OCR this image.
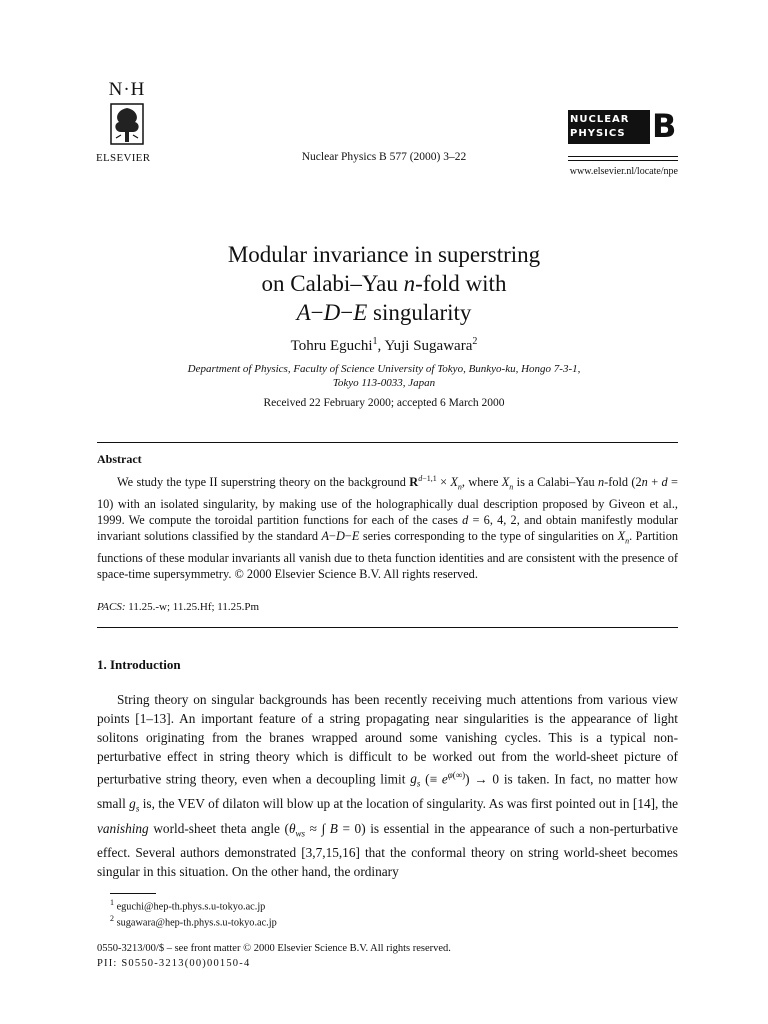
N·H
ELSEVIER	Nuclear Physics B 577 (2000) 3–22
NUCLEAR
PHYSICS B
www.elsevier.nl/locate/npe
Modular invariance in superstring
on Calabi–Yau n-fold with
A−D−E singularity
Tohru Eguchi$^1$, Yuji Sugawara$^2$
Department of Physics, Faculty of Science University of Tokyo, Bunkyo-ku, Hongo 7-3-1,
Tokyo 113-0033, Japan
Received 22 February 2000; accepted 6 March 2000
Abstract
We study the type II superstring theory on the background $R^{d-1,1} \times X_n$, where $X_n$ is a Calabi–Yau n-fold (2n + d = 10) with an isolated singularity, by making use of the holographically dual description proposed by Giveon et al., 1999. We compute the toroidal partition functions for each of the cases d = 6, 4, 2, and obtain manifestly modular invariant solutions classified by the standard A−D−E series corresponding to the type of singularities on $X_n$. Partition functions of these modular invariants all vanish due to theta function identities and are consistent with the presence of space-time supersymmetry. © 2000 Elsevier Science B.V. All rights reserved.
PACS: 11.25.-w; 11.25.Hf; 11.25.Pm
1. Introduction
String theory on singular backgrounds has been recently receiving much attentions from various view points [1–13]. An important feature of a string propagating near singularities is the appearance of light solitons originating from the branes wrapped around some vanishing cycles. This is a typical non-perturbative effect in string theory which is difficult to be worked out from the world-sheet picture of perturbative string theory, even when a decoupling limit $g_s$ (≡ $e^{\varphi(\infty)}) \to 0$ is taken. In fact, no matter how small $g_s$ is, the VEV of dilaton will blow up at the location of singularity. As was first pointed out in [14], the vanishing world-sheet theta angle ($\theta_{ws}$ ≈ ∫ B = 0) is essential in the appearance of such a non-perturbative effect. Several authors demonstrated [3,7,15,16] that the conformal theory on string world-sheet becomes singular in this situation. On the other hand, the ordinary
$^1$ eguchi@hep-th.phys.s.u-tokyo.ac.jp
$^2$ sugawara@hep-th.phys.s.u-tokyo.ac.jp
0550-3213/00/$ – see front matter © 2000 Elsevier Science B.V. All rights reserved.
PII: S0550-3213(00)00150-4
